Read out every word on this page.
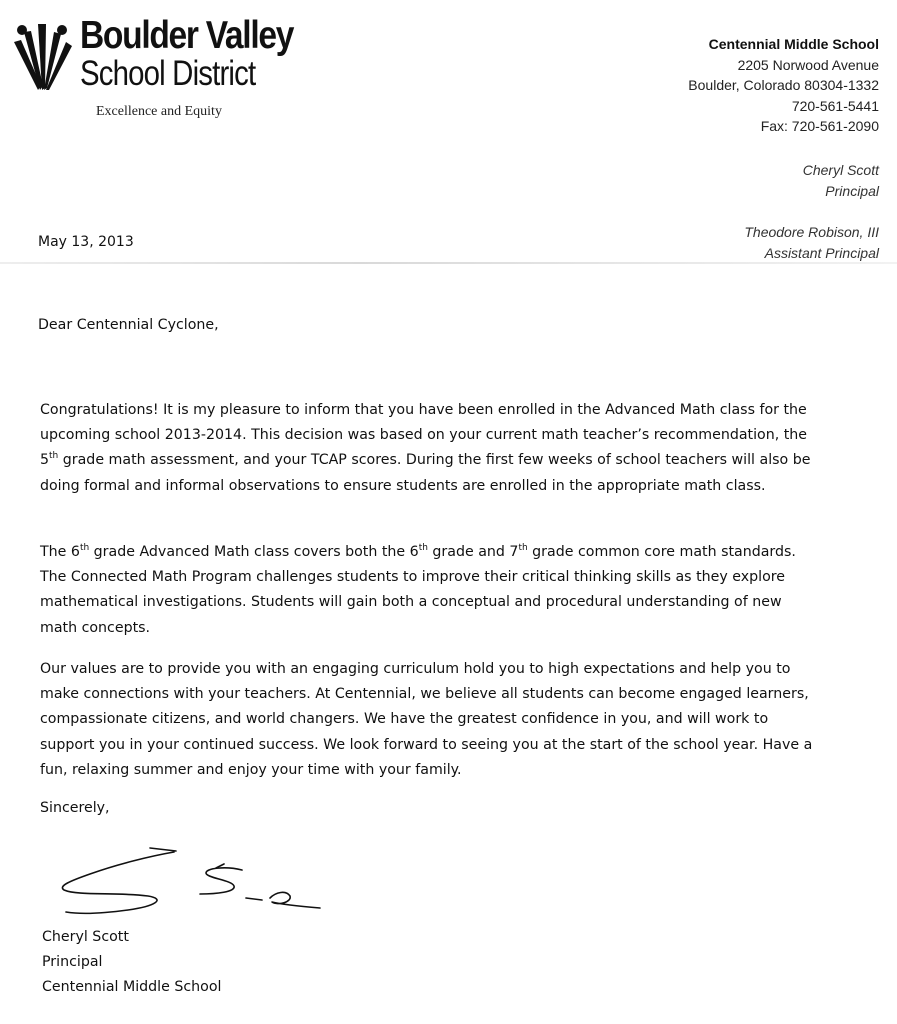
Boulder Valley
School District
Excellence and Equity
Centennial Middle School
2205 Norwood Avenue
Boulder, Colorado 80304-1332
720-561-5441
Fax: 720-561-2090
Cheryl Scott
Principal
Theodore Robison, III
Assistant Principal
May 13, 2013
Dear Centennial Cyclone,
Congratulations! It is my pleasure to inform that you have been enrolled in the Advanced Math class for the upcoming school 2013-2014. This decision was based on your current math teacher’s recommendation, the 5th grade math assessment, and your TCAP scores. During the first few weeks of school teachers will also be doing formal and informal observations to ensure students are enrolled in the appropriate math class.
The 6th grade Advanced Math class covers both the 6th grade and 7th grade common core math standards. The Connected Math Program challenges students to improve their critical thinking skills as they explore mathematical investigations. Students will gain both a conceptual and procedural understanding of new math concepts.
Our values are to provide you with an engaging curriculum hold you to high expectations and help you to make connections with your teachers. At Centennial, we believe all students can become engaged learners, compassionate citizens, and world changers. We have the greatest confidence in you, and will work to support you in your continued success. We look forward to seeing you at the start of the school year. Have a fun, relaxing summer and enjoy your time with your family.
Sincerely,
Cheryl Scott
Principal
Centennial Middle School
